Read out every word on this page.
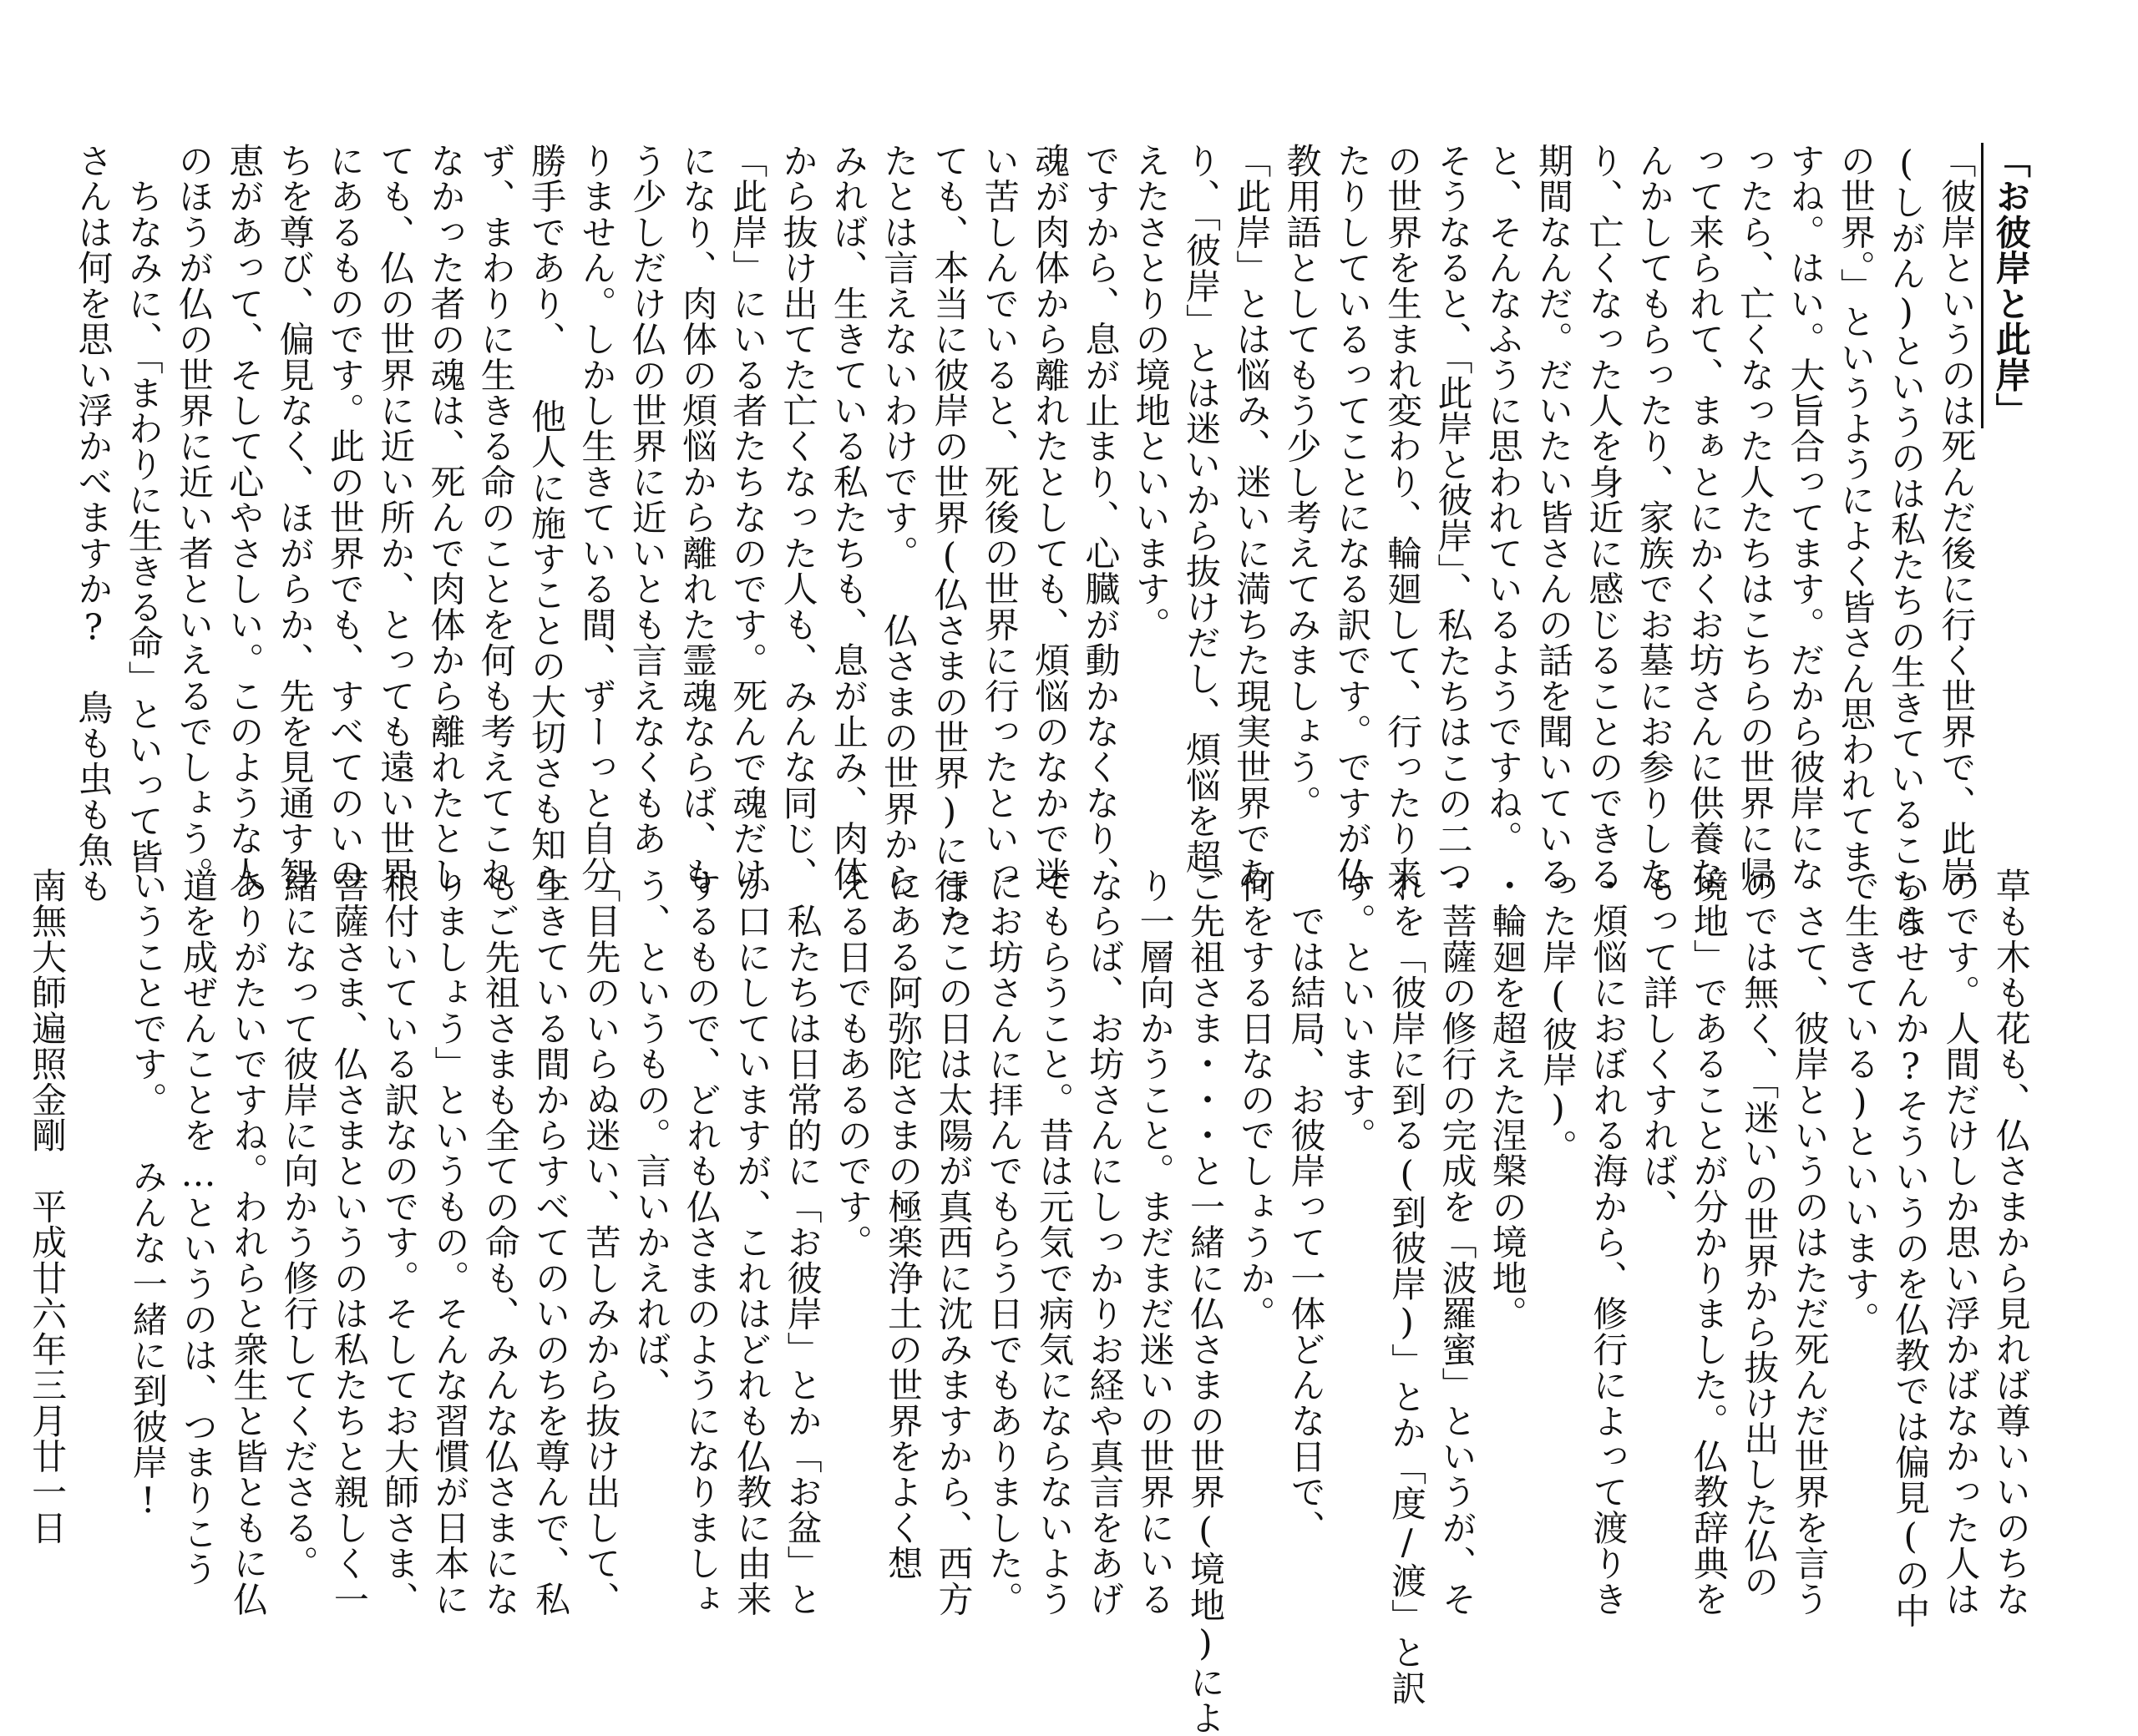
「お彼岸と此岸」
「彼岸というのは死んだ後に行く世界で、此岸
(しがん)というのは私たちの生きているこちら
の世界。」というようによく皆さん思われてま
すね。はい。大旨合ってます。だから彼岸にな
ったら、亡くなった人たちはこちらの世界に帰
って来られて、まぁとにかくお坊さんに供養な
んかしてもらったり、家族でお墓にお参りした
り、亡くなった人を身近に感じることのできる
期間なんだ。だいたい皆さんの話を聞いている
と、そんなふうに思われているようですね。
そうなると、「此岸と彼岸」、私たちはこの二つ
の世界を生まれ変わり、輪廻して、行ったり来
たりしているってことになる訳です。ですが仏
教用語としてもう少し考えてみましょう。
「此岸」とは悩み、迷いに満ちた現実世界であ
り、「彼岸」とは迷いから抜けだし、煩悩を超
えたさとりの境地といいます。
ですから、息が止まり、心臓が動かなくなり、
魂が肉体から離れたとしても、煩悩のなかで迷
い苦しんでいると、死後の世界に行ったといっ
ても、本当に彼岸の世界(仏さまの世界)に行っ
たとは言えないわけです。 仏さまの世界から
みれば、生きている私たちも、息が止み、肉体
から抜け出てた亡くなった人も、みんな同じ、
「此岸」にいる者たちなのです。死んで魂だけ
になり、肉体の煩悩から離れた霊魂ならば、も
う少しだけ仏の世界に近いとも言えなくもあ
りません。しかし生きている間、ずーっと自分
勝手であり、 他人に施すことの大切さも知ら
ず、まわりに生きる命のことを何も考えてこれ
なかった者の魂は、死んで肉体から離れたとし
ても、仏の世界に近い所か、とっても遠い世界
にあるものです。此の世界でも、すべてのいの
ちを尊び、偏見なく、ほがらか、先を見通す智
恵があって、そして心やさしい。このような人
のほうが仏の世界に近い者といえるでしょう。
　ちなみに、「まわりに生きる命」といって皆
さんは何を思い浮かべますか? 鳥も虫も魚も

草も木も花も、仏さまから見れば尊いいのちな
のです。人間だけしか思い浮かばなかった人は
いませんか?そういうのを仏教では偏見(の中
で生きている)といいます。
　さて、彼岸というのはただ死んだ世界を言う
のでは無く、「迷いの世界から抜け出した仏の
境地」であることが分かりました。仏教辞典を
もって詳しくすれば、
・煩悩におぼれる海から、修行によって渡りき
った岸(彼岸)。
・輪廻を超えた涅槃の境地。
・菩薩の修行の完成を「波羅蜜」というが、そ
れを「彼岸に到る(到彼岸)」とか「度/渡」と訳
す。といいます。
　では結局、お彼岸って一体どんな日で、
何をする日なのでしょうか。
ご先祖さま・・・と一緒に仏さまの世界(境地)によ
り一層向かうこと。まだまだ迷いの世界にいる
ならば、お坊さんにしっかりお経や真言をあげ
てもらうこと。昔は元気で病気にならないよう
にお坊さんに拝んでもらう日でもありました。
またこの日は太陽が真西に沈みますから、西方
にある阿弥陀さまの極楽浄土の世界をよく想
える日でもあるのです。
　私たちは日常的に「お彼岸」とか「お盆」と
か口にしていますが、これはどれも仏教に由来
するもので、どれも仏さまのようになりましょ
う、というもの。言いかえれば、
「目先のいらぬ迷い、苦しみから抜け出して、
生きている間からすべてのいのちを尊んで、私
もご先祖さまも全ての命も、みんな仏さまにな
りましょう」というもの。そんな習慣が日本に
根付いている訳なのです。そしてお大師さま、
菩薩さま、仏さまというのは私たちと親しく一
緒になって彼岸に向かう修行してくださる。
ありがたいですね。われらと衆生と皆ともに仏
道を成ぜんことを…というのは、つまりこう
いうことです。 みんな一緒に到彼岸!

南無大師遍照金剛　平成廿六年三月廿一日
